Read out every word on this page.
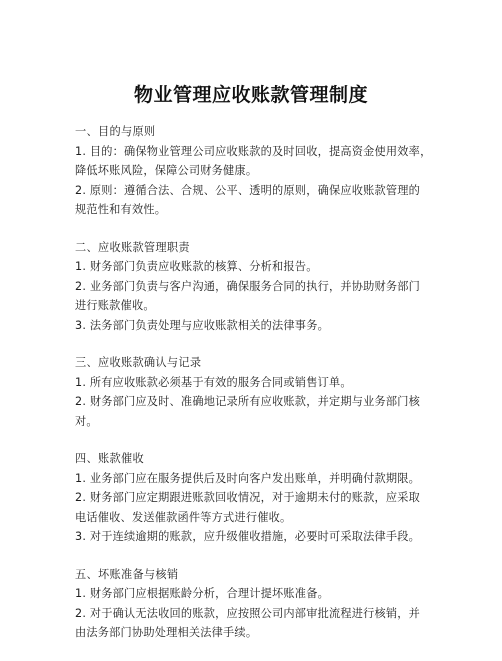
物业管理应收账款管理制度
一、目的与原则
1. 目的：确保物业管理公司应收账款的及时回收，提高资金使用效率，
降低坏账风险，保障公司财务健康。
2. 原则：遵循合法、合规、公平、透明的原则，确保应收账款管理的
规范性和有效性。
二、应收账款管理职责
1. 财务部门负责应收账款的核算、分析和报告。
2. 业务部门负责与客户沟通，确保服务合同的执行，并协助财务部门
进行账款催收。
3. 法务部门负责处理与应收账款相关的法律事务。
三、应收账款确认与记录
1. 所有应收账款必须基于有效的服务合同或销售订单。
2. 财务部门应及时、准确地记录所有应收账款，并定期与业务部门核
对。
四、账款催收
1. 业务部门应在服务提供后及时向客户发出账单，并明确付款期限。
2. 财务部门应定期跟进账款回收情况，对于逾期未付的账款，应采取
电话催收、发送催款函件等方式进行催收。
3. 对于连续逾期的账款，应升级催收措施，必要时可采取法律手段。
五、坏账准备与核销
1. 财务部门应根据账龄分析，合理计提坏账准备。
2. 对于确认无法收回的账款，应按照公司内部审批流程进行核销，并
由法务部门协助处理相关法律手续。
